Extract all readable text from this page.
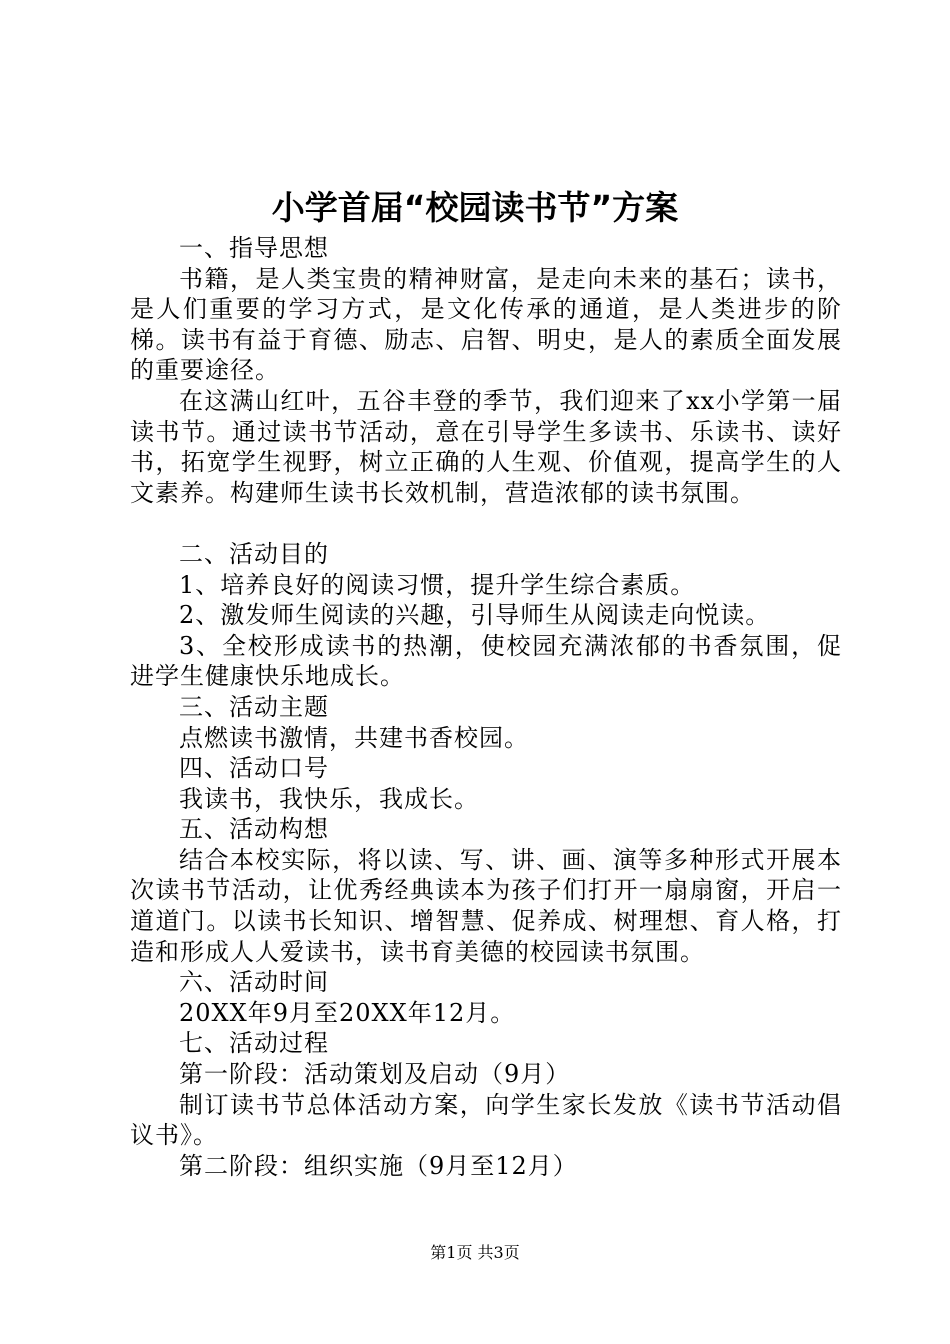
小学首届“校园读书节”方案

一、指导思想

书籍，是人类宝贵的精神财富，是走向未来的基石；读书，是人们重要的学习方式，是文化传承的通道，是人类进步的阶梯。读书有益于育德、励志、启智、明史，是人的素质全面发展的重要途径。

在这满山红叶，五谷丰登的季节，我们迎来了xx小学第一届读书节。通过读书节活动，意在引导学生多读书、乐读书、读好书，拓宽学生视野，树立正确的人生观、价值观，提高学生的人文素养。构建师生读书长效机制，营造浓郁的读书氛围。

二、活动目的

1、培养良好的阅读习惯，提升学生综合素质。

2、激发师生阅读的兴趣，引导师生从阅读走向悦读。

3、全校形成读书的热潮，使校园充满浓郁的书香氛围，促进学生健康快乐地成长。

三、活动主题

点燃读书激情，共建书香校园。

四、活动口号

我读书，我快乐，我成长。

五、活动构想

结合本校实际，将以读、写、讲、画、演等多种形式开展本次读书节活动，让优秀经典读本为孩子们打开一扇扇窗，开启一道道门。以读书长知识、增智慧、促养成、树理想、育人格，打造和形成人人爱读书，读书育美德的校园读书氛围。

六、活动时间

20XX年9月至20XX年12月。

七、活动过程

第一阶段：活动策划及启动（9月）

制订读书节总体活动方案，向学生家长发放《读书节活动倡议书》。

第二阶段：组织实施（9月至12月）

第1页 共3页
